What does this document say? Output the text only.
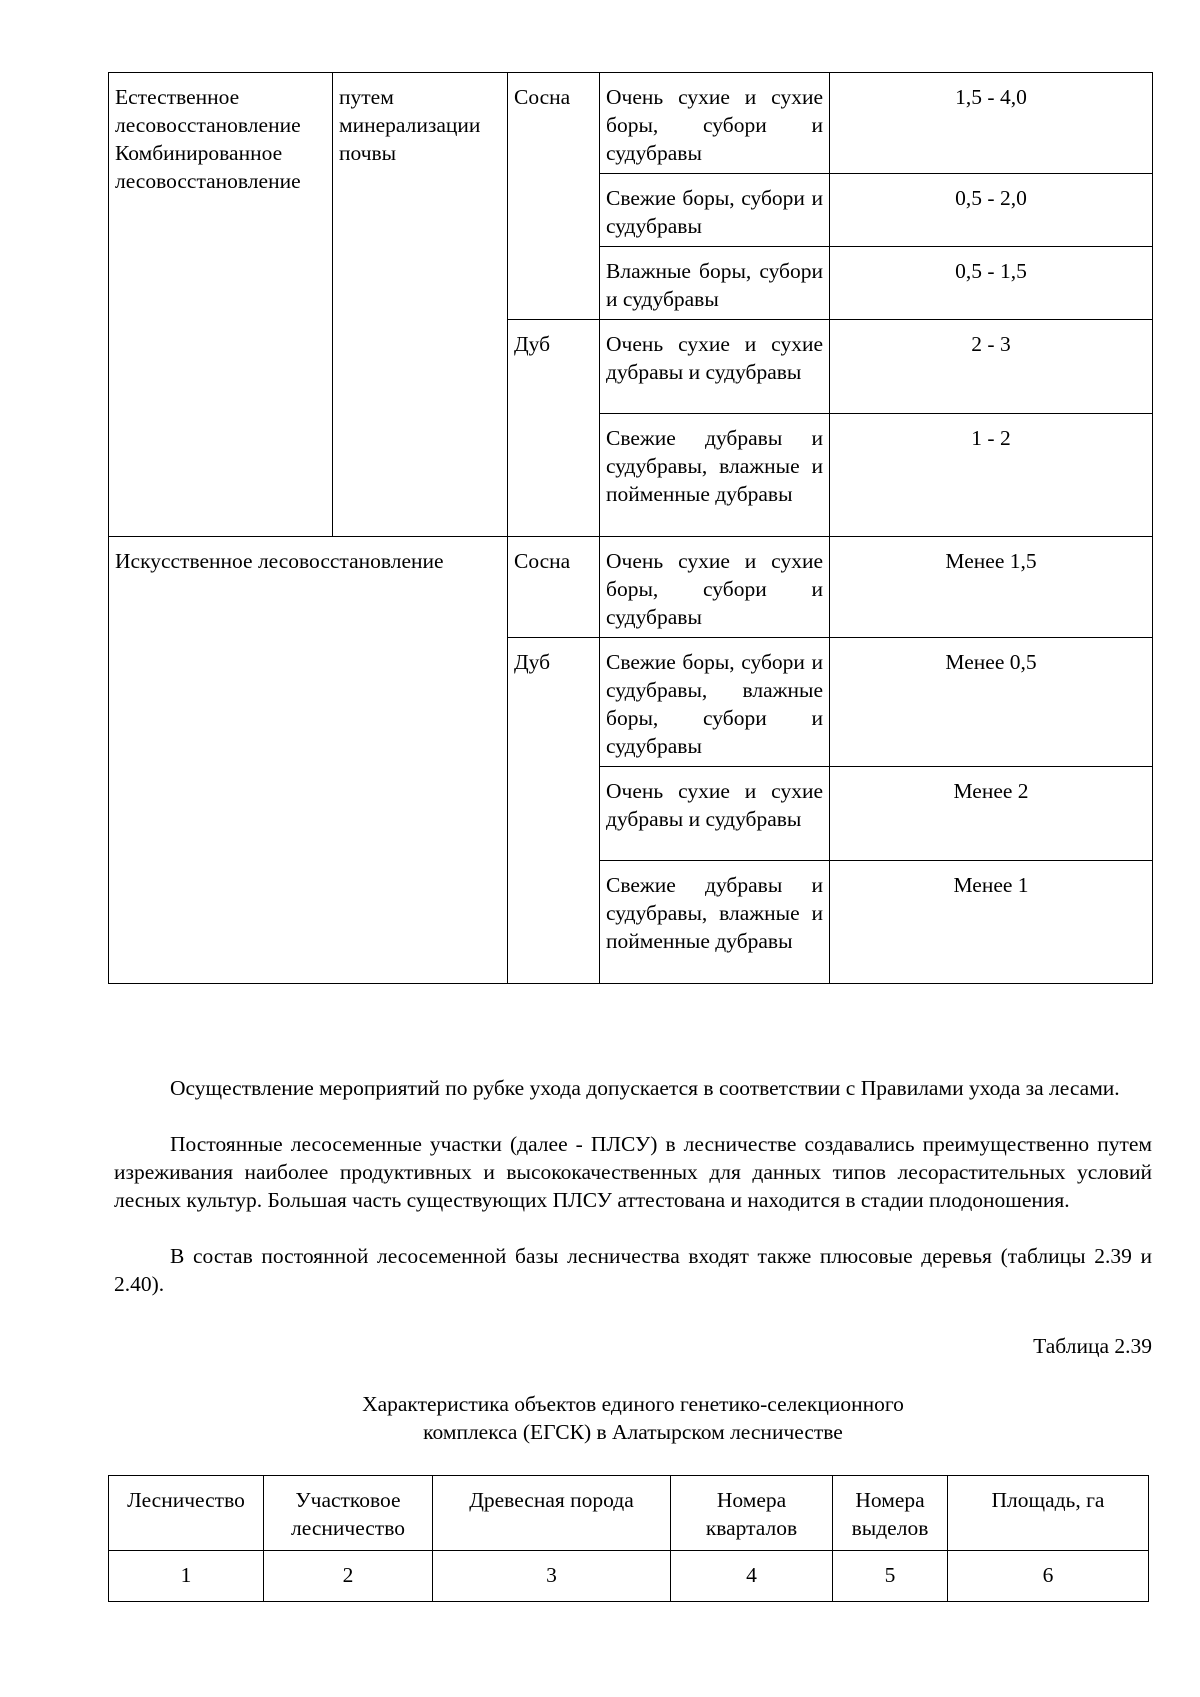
Естественное лесовосстановление Комбинированное лесовосстановление	путем минерализации почвы	Сосна	Очень сухие и сухие боры, субори и судубравы	1,5 - 4,0
			Свежие боры, субори и судубравы	0,5 - 2,0
			Влажные боры, субори и судубравы	0,5 - 1,5
		Дуб	Очень сухие и сухие дубравы и судубравы	2 - 3
			Свежие дубравы и судубравы, влажные и пойменные дубравы	1 - 2
Искусственное лесовосстановление		Сосна	Очень сухие и сухие боры, субори и судубравы	Менее 1,5
		Дуб	Свежие боры, субори и судубравы, влажные боры, субори и судубравы	Менее 0,5
			Очень сухие и сухие дубравы и судубравы	Менее 2
			Свежие дубравы и судубравы, влажные и пойменные дубравы	Менее 1
Осуществление мероприятий по рубке ухода допускается в соответствии с Правилами ухода за лесами.
Постоянные лесосеменные участки (далее - ПЛСУ) в лесничестве создавались преимущественно путем изреживания наиболее продуктивных и высококачественных для данных типов лесорастительных условий лесных культур. Большая часть существующих ПЛСУ аттестована и находится в стадии плодоношения.
В состав постоянной лесосеменной базы лесничества входят также плюсовые деревья (таблицы 2.39 и 2.40).
Таблица 2.39
Характеристика объектов единого генетико-селекционного
комплекса (ЕГСК) в Алатырском лесничестве
Лесничество	Участковое лесничество	Древесная порода	Номера кварталов	Номера выделов	Площадь, га
1	2	3	4	5	6
